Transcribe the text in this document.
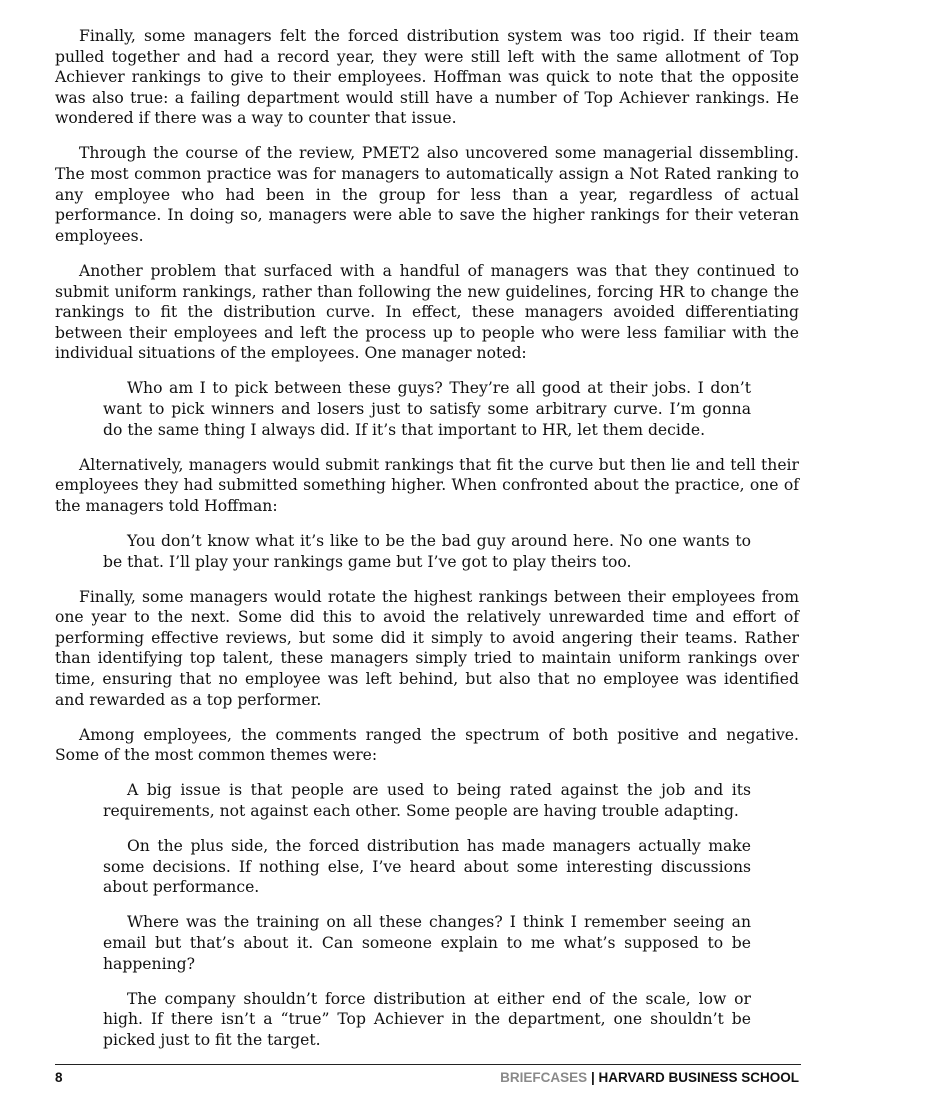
Finally, some managers felt the forced distribution system was too rigid. If their team pulled together and had a record year, they were still left with the same allotment of Top Achiever rankings to give to their employees. Hoffman was quick to note that the opposite was also true: a failing department would still have a number of Top Achiever rankings. He wondered if there was a way to counter that issue.

Through the course of the review, PMET2 also uncovered some managerial dissembling. The most common practice was for managers to automatically assign a Not Rated ranking to any employee who had been in the group for less than a year, regardless of actual performance. In doing so, managers were able to save the higher rankings for their veteran employees.

Another problem that surfaced with a handful of managers was that they continued to submit uniform rankings, rather than following the new guidelines, forcing HR to change the rankings to fit the distribution curve. In effect, these managers avoided differentiating between their employees and left the process up to people who were less familiar with the individual situations of the employees. One manager noted:

Who am I to pick between these guys? They’re all good at their jobs. I don’t want to pick winners and losers just to satisfy some arbitrary curve. I’m gonna do the same thing I always did. If it’s that important to HR, let them decide.

Alternatively, managers would submit rankings that fit the curve but then lie and tell their employees they had submitted something higher. When confronted about the practice, one of the managers told Hoffman:

You don’t know what it’s like to be the bad guy around here. No one wants to be that. I’ll play your rankings game but I’ve got to play theirs too.

Finally, some managers would rotate the highest rankings between their employees from one year to the next. Some did this to avoid the relatively unrewarded time and effort of performing effective reviews, but some did it simply to avoid angering their teams. Rather than identifying top talent, these managers simply tried to maintain uniform rankings over time, ensuring that no employee was left behind, but also that no employee was identified and rewarded as a top performer.

Among employees, the comments ranged the spectrum of both positive and negative. Some of the most common themes were:

A big issue is that people are used to being rated against the job and its requirements, not against each other. Some people are having trouble adapting.

On the plus side, the forced distribution has made managers actually make some decisions. If nothing else, I’ve heard about some interesting discussions about performance.

Where was the training on all these changes? I think I remember seeing an email but that’s about it. Can someone explain to me what’s supposed to be happening?

The company shouldn’t force distribution at either end of the scale, low or high. If there isn’t a “true” Top Achiever in the department, one shouldn’t be picked just to fit the target.

8	BRIEFCASES | HARVARD BUSINESS SCHOOL
